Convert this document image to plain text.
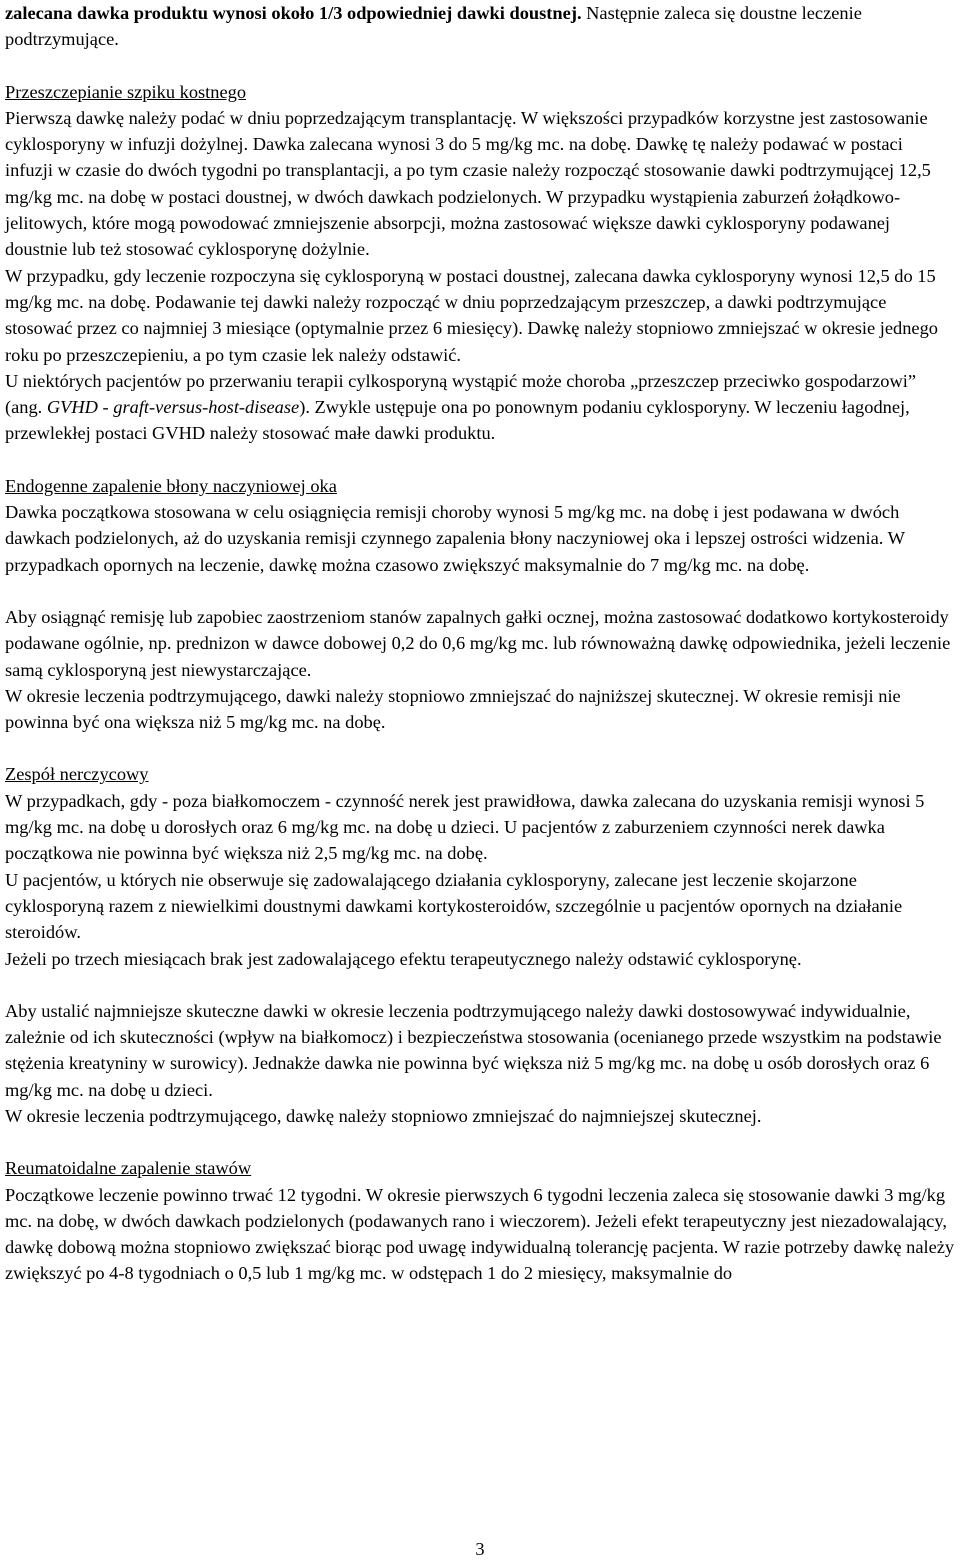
zalecana dawka produktu wynosi około 1/3 odpowiedniej dawki doustnej. Następnie zaleca się doustne leczenie podtrzymujące.

Przeszczepianie szpiku kostnego

Pierwszą dawkę należy podać w dniu poprzedzającym transplantację. W większości przypadków korzystne jest zastosowanie cyklosporyny w infuzji dożylnej. Dawka zalecana wynosi 3 do 5 mg/kg mc. na dobę. Dawkę tę należy podawać w postaci infuzji w czasie do dwóch tygodni po transplantacji, a po tym czasie należy rozpocząć stosowanie dawki podtrzymującej 12,5 mg/kg mc. na dobę w postaci doustnej, w dwóch dawkach podzielonych. W przypadku wystąpienia zaburzeń żołądkowo-jelitowych, które mogą powodować zmniejszenie absorpcji, można zastosować większe dawki cyklosporyny podawanej doustnie lub też stosować cyklosporynę dożylnie.

W przypadku, gdy leczenie rozpoczyna się cyklosporyną w postaci doustnej, zalecana dawka cyklosporyny wynosi 12,5 do 15 mg/kg mc. na dobę. Podawanie tej dawki należy rozpocząć w dniu poprzedzającym przeszczep, a dawki podtrzymujące stosować przez co najmniej 3 miesiące (optymalnie przez 6 miesięcy). Dawkę należy stopniowo zmniejszać w okresie jednego roku po przeszczepieniu, a po tym czasie lek należy odstawić.

U niektórych pacjentów po przerwaniu terapii cylkosporyną wystąpić może choroba „przeszczep przeciwko gospodarzowi” (ang. GVHD - graft-versus-host-disease). Zwykle ustępuje ona po ponownym podaniu cyklosporyny. W leczeniu łagodnej, przewlekłej postaci GVHD należy stosować małe dawki produktu.

Endogenne zapalenie błony naczyniowej oka

Dawka początkowa stosowana w celu osiągnięcia remisji choroby wynosi 5 mg/kg mc. na dobę i jest podawana w dwóch dawkach podzielonych, aż do uzyskania remisji czynnego zapalenia błony naczyniowej oka i lepszej ostrości widzenia. W przypadkach opornych na leczenie, dawkę można czasowo zwiększyć maksymalnie do 7 mg/kg mc. na dobę.

Aby osiągnąć remisję lub zapobiec zaostrzeniom stanów zapalnych gałki ocznej, można zastosować dodatkowo kortykosteroidy podawane ogólnie, np. prednizon w dawce dobowej 0,2 do 0,6 mg/kg mc. lub równoważną dawkę odpowiednika, jeżeli leczenie samą cyklosporyną jest niewystarczające.

W okresie leczenia podtrzymującego, dawki należy stopniowo zmniejszać do najniższej skutecznej. W okresie remisji nie powinna być ona większa niż 5 mg/kg mc. na dobę.

Zespół nerczycowy

W przypadkach, gdy - poza białkomoczem - czynność nerek jest prawidłowa, dawka zalecana do uzyskania remisji wynosi 5 mg/kg mc. na dobę u dorosłych oraz 6 mg/kg mc. na dobę u dzieci. U pacjentów z zaburzeniem czynności nerek dawka początkowa nie powinna być większa niż 2,5 mg/kg mc. na dobę.

U pacjentów, u których nie obserwuje się zadowalającego działania cyklosporyny, zalecane jest leczenie skojarzone cyklosporyną razem z niewielkimi doustnymi dawkami kortykosteroidów, szczególnie u pacjentów opornych na działanie steroidów.

Jeżeli po trzech miesiącach brak jest zadowalającego efektu terapeutycznego należy odstawić cyklosporynę.

Aby ustalić najmniejsze skuteczne dawki w okresie leczenia podtrzymującego należy dawki dostosowywać indywidualnie, zależnie od ich skuteczności (wpływ na białkomocz) i bezpieczeństwa stosowania (ocenianego przede wszystkim na podstawie stężenia kreatyniny w surowicy). Jednakże dawka nie powinna być większa niż 5 mg/kg mc. na dobę u osób dorosłych oraz 6 mg/kg mc. na dobę u dzieci.

W okresie leczenia podtrzymującego, dawkę należy stopniowo zmniejszać do najmniejszej skutecznej.

Reumatoidalne zapalenie stawów

Początkowe leczenie powinno trwać 12 tygodni. W okresie pierwszych 6 tygodni leczenia zaleca się stosowanie dawki 3 mg/kg mc. na dobę, w dwóch dawkach podzielonych (podawanych rano i wieczorem). Jeżeli efekt terapeutyczny jest niezadowalający, dawkę dobową można stopniowo zwiększać biorąc pod uwagę indywidualną tolerancję pacjenta. W razie potrzeby dawkę należy zwiększyć po 4-8 tygodniach o 0,5 lub 1 mg/kg mc. w odstępach 1 do 2 miesięcy, maksymalnie do

3
